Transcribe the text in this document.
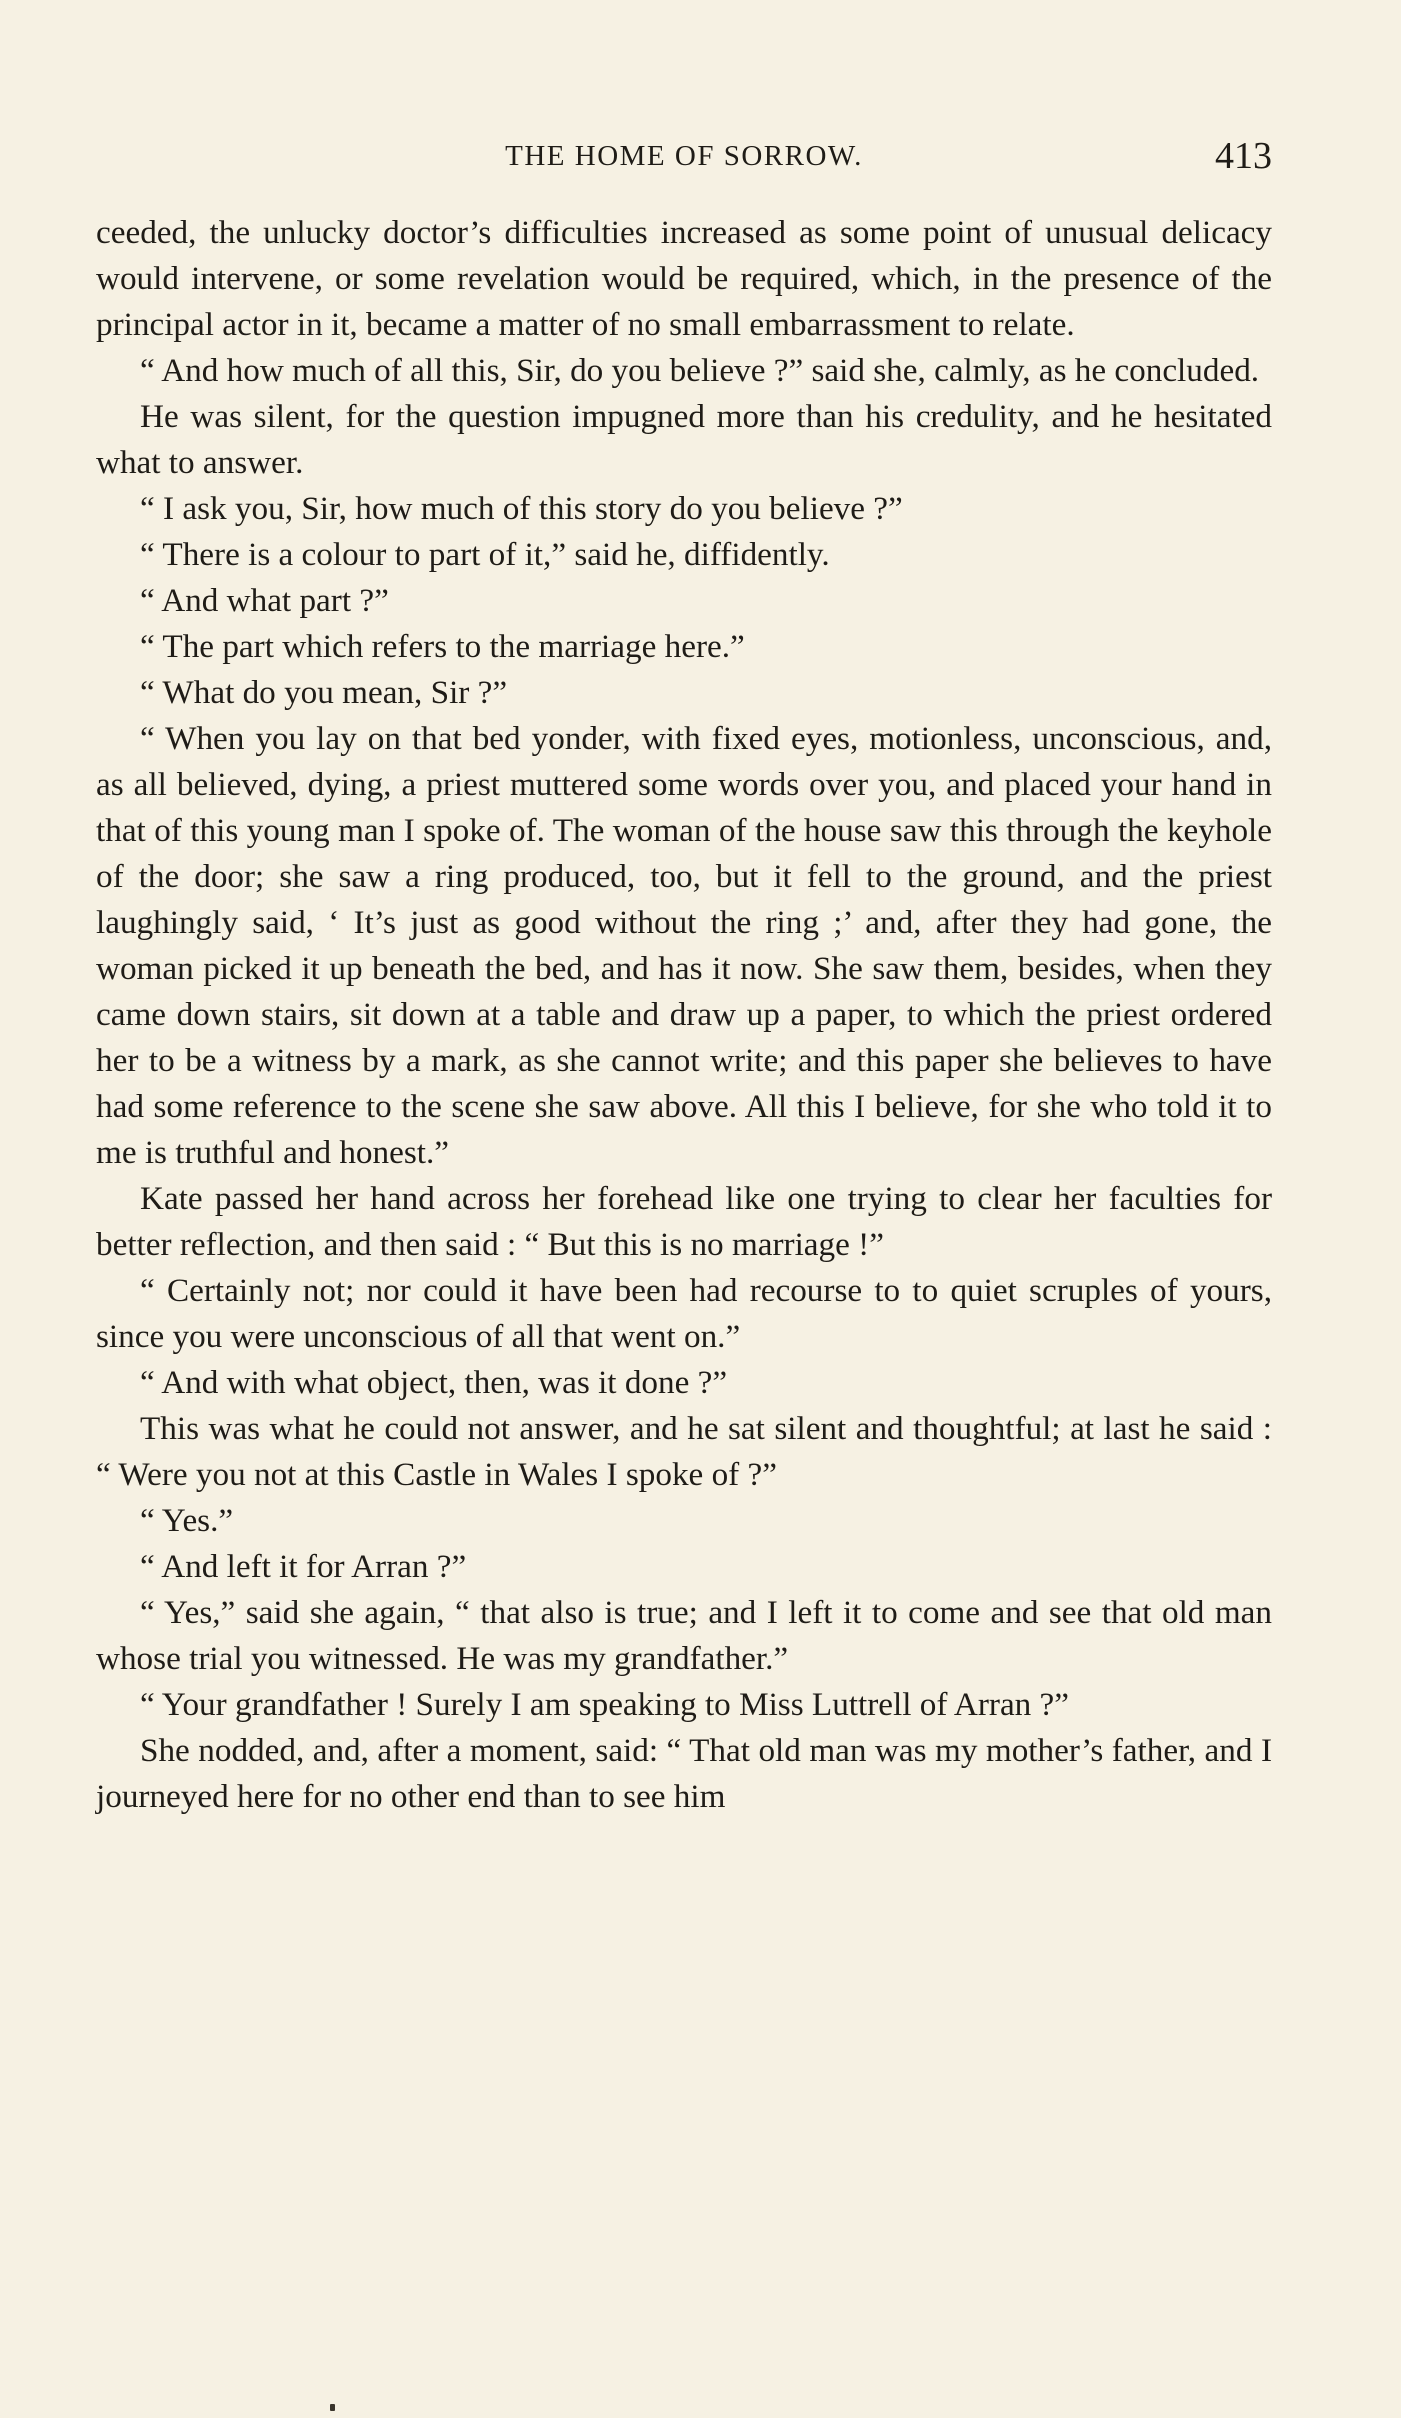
THE HOME OF SORROW.	413

ceeded, the unlucky doctor’s difficulties increased as some point of unusual delicacy would intervene, or some revelation would be required, which, in the presence of the principal actor in it, became a matter of no small embarrassment to relate.

“ And how much of all this, Sir, do you believe ?” said she, calmly, as he concluded.

He was silent, for the question impugned more than his credulity, and he hesitated what to answer.

“ I ask you, Sir, how much of this story do you believe ?”

“ There is a colour to part of it,” said he, diffidently.

“ And what part ?”

“ The part which refers to the marriage here.”

“ What do you mean, Sir ?”

“ When you lay on that bed yonder, with fixed eyes, motionless, unconscious, and, as all believed, dying, a priest muttered some words over you, and placed your hand in that of this young man I spoke of. The woman of the house saw this through the keyhole of the door; she saw a ring produced, too, but it fell to the ground, and the priest laughingly said, ‘ It’s just as good without the ring ;’ and, after they had gone, the woman picked it up beneath the bed, and has it now. She saw them, besides, when they came down stairs, sit down at a table and draw up a paper, to which the priest ordered her to be a witness by a mark, as she cannot write; and this paper she believes to have had some reference to the scene she saw above. All this I believe, for she who told it to me is truthful and honest.”

Kate passed her hand across her forehead like one trying to clear her faculties for better reflection, and then said : “ But this is no marriage !”

“ Certainly not; nor could it have been had recourse to to quiet scruples of yours, since you were unconscious of all that went on.”

“ And with what object, then, was it done ?”

This was what he could not answer, and he sat silent and thoughtful; at last he said : “ Were you not at this Castle in Wales I spoke of ?”

“ Yes.”

“ And left it for Arran ?”

“ Yes,” said she again, “ that also is true; and I left it to come and see that old man whose trial you witnessed. He was my grandfather.”

“ Your grandfather ! Surely I am speaking to Miss Luttrell of Arran ?”

She nodded, and, after a moment, said: “ That old man was my mother’s father, and I journeyed here for no other end than to see him
